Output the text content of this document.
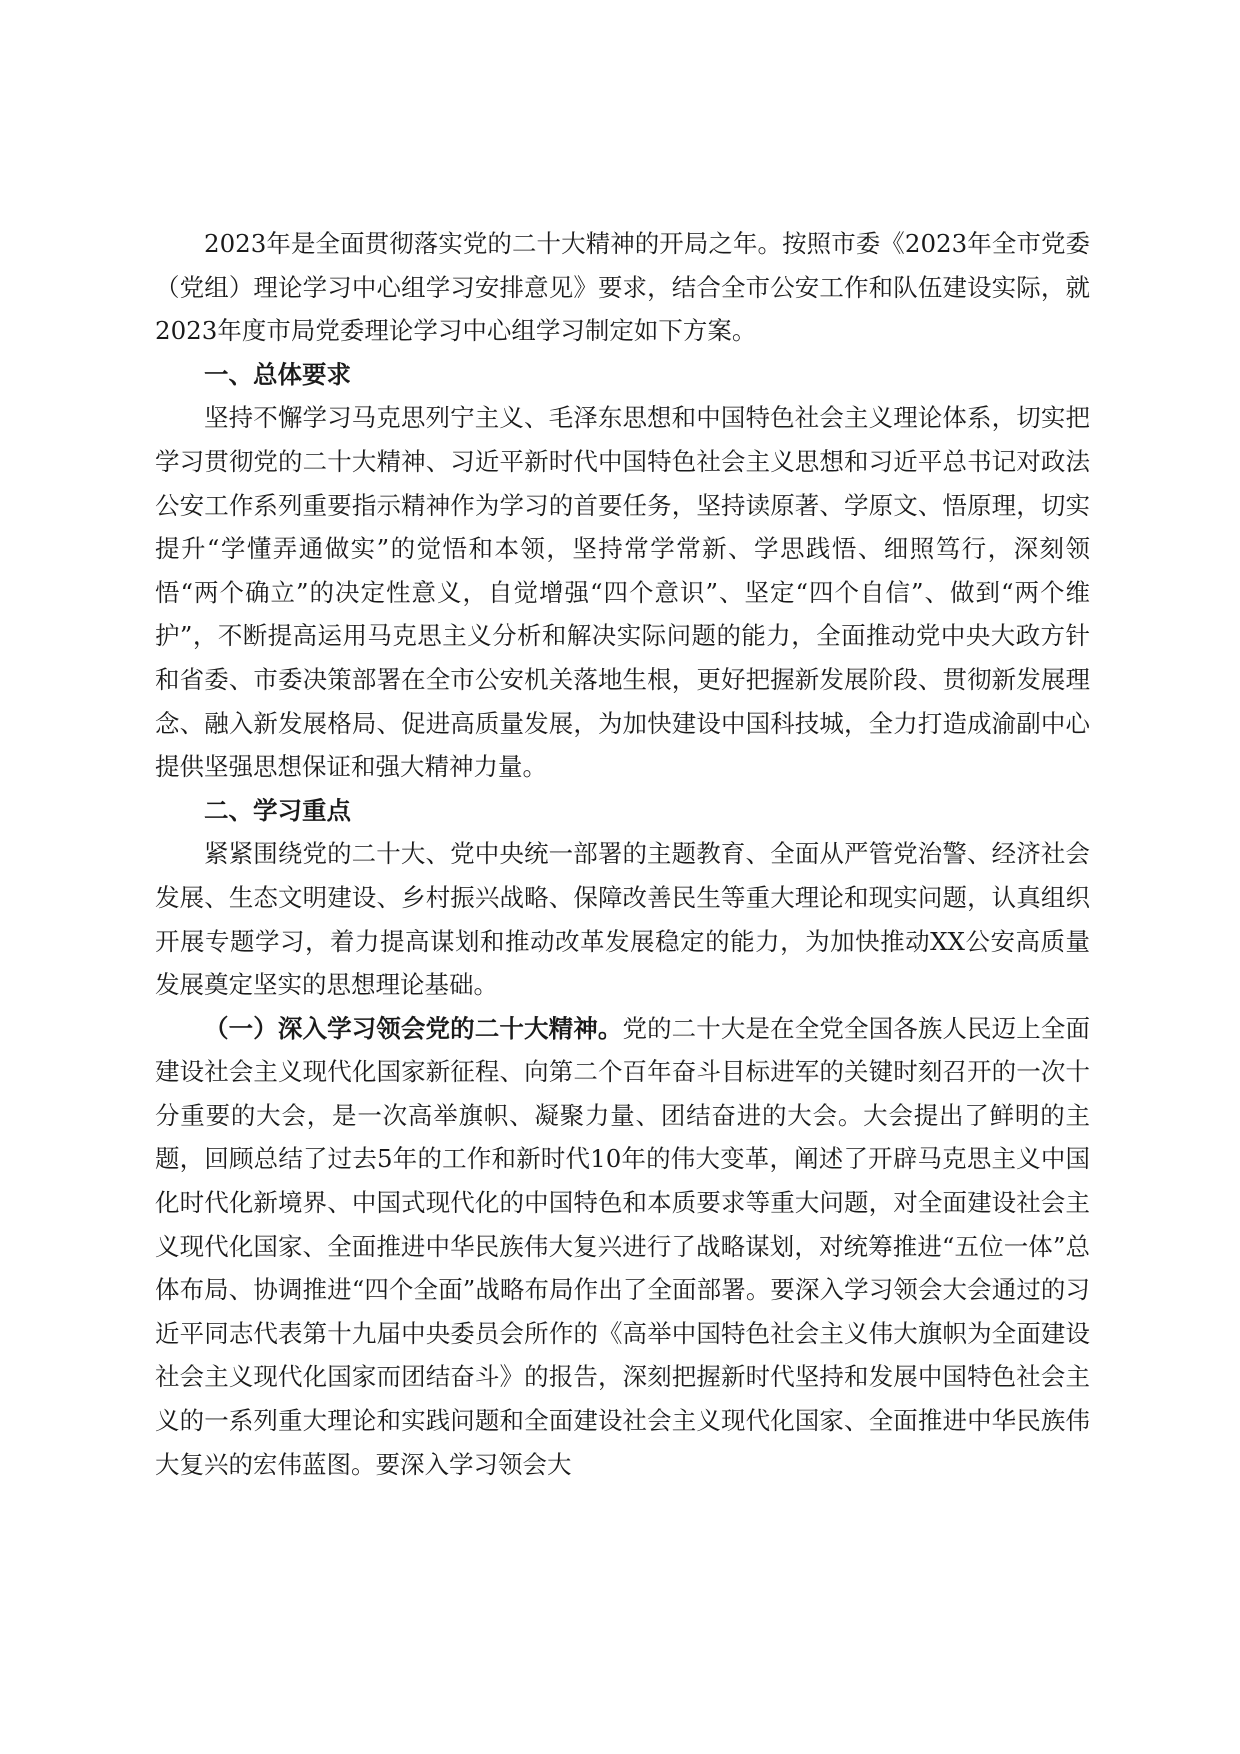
2023年是全面贯彻落实党的二十大精神的开局之年。按照市委《2023年全市党委（党组）理论学习中心组学习安排意见》要求，结合全市公安工作和队伍建设实际，就2023年度市局党委理论学习中心组学习制定如下方案。

一、总体要求

坚持不懈学习马克思列宁主义、毛泽东思想和中国特色社会主义理论体系，切实把学习贯彻党的二十大精神、习近平新时代中国特色社会主义思想和习近平总书记对政法公安工作系列重要指示精神作为学习的首要任务，坚持读原著、学原文、悟原理，切实提升“学懂弄通做实”的觉悟和本领，坚持常学常新、学思践悟、细照笃行，深刻领悟“两个确立”的决定性意义，自觉增强“四个意识”、坚定“四个自信”、做到“两个维护”，不断提高运用马克思主义分析和解决实际问题的能力，全面推动党中央大政方针和省委、市委决策部署在全市公安机关落地生根，更好把握新发展阶段、贯彻新发展理念、融入新发展格局、促进高质量发展，为加快建设中国科技城，全力打造成渝副中心提供坚强思想保证和强大精神力量。

二、学习重点

紧紧围绕党的二十大、党中央统一部署的主题教育、全面从严管党治警、经济社会发展、生态文明建设、乡村振兴战略、保障改善民生等重大理论和现实问题，认真组织开展专题学习，着力提高谋划和推动改革发展稳定的能力，为加快推动XX公安高质量发展奠定坚实的思想理论基础。

（一）深入学习领会党的二十大精神。党的二十大是在全党全国各族人民迈上全面建设社会主义现代化国家新征程、向第二个百年奋斗目标进军的关键时刻召开的一次十分重要的大会，是一次高举旗帜、凝聚力量、团结奋进的大会。大会提出了鲜明的主题，回顾总结了过去5年的工作和新时代10年的伟大变革，阐述了开辟马克思主义中国化时代化新境界、中国式现代化的中国特色和本质要求等重大问题，对全面建设社会主义现代化国家、全面推进中华民族伟大复兴进行了战略谋划，对统筹推进“五位一体”总体布局、协调推进“四个全面”战略布局作出了全面部署。要深入学习领会大会通过的习近平同志代表第十九届中央委员会所作的《高举中国特色社会主义伟大旗帜为全面建设社会主义现代化国家而团结奋斗》的报告，深刻把握新时代坚持和发展中国特色社会主义的一系列重大理论和实践问题和全面建设社会主义现代化国家、全面推进中华民族伟大复兴的宏伟蓝图。要深入学习领会大
